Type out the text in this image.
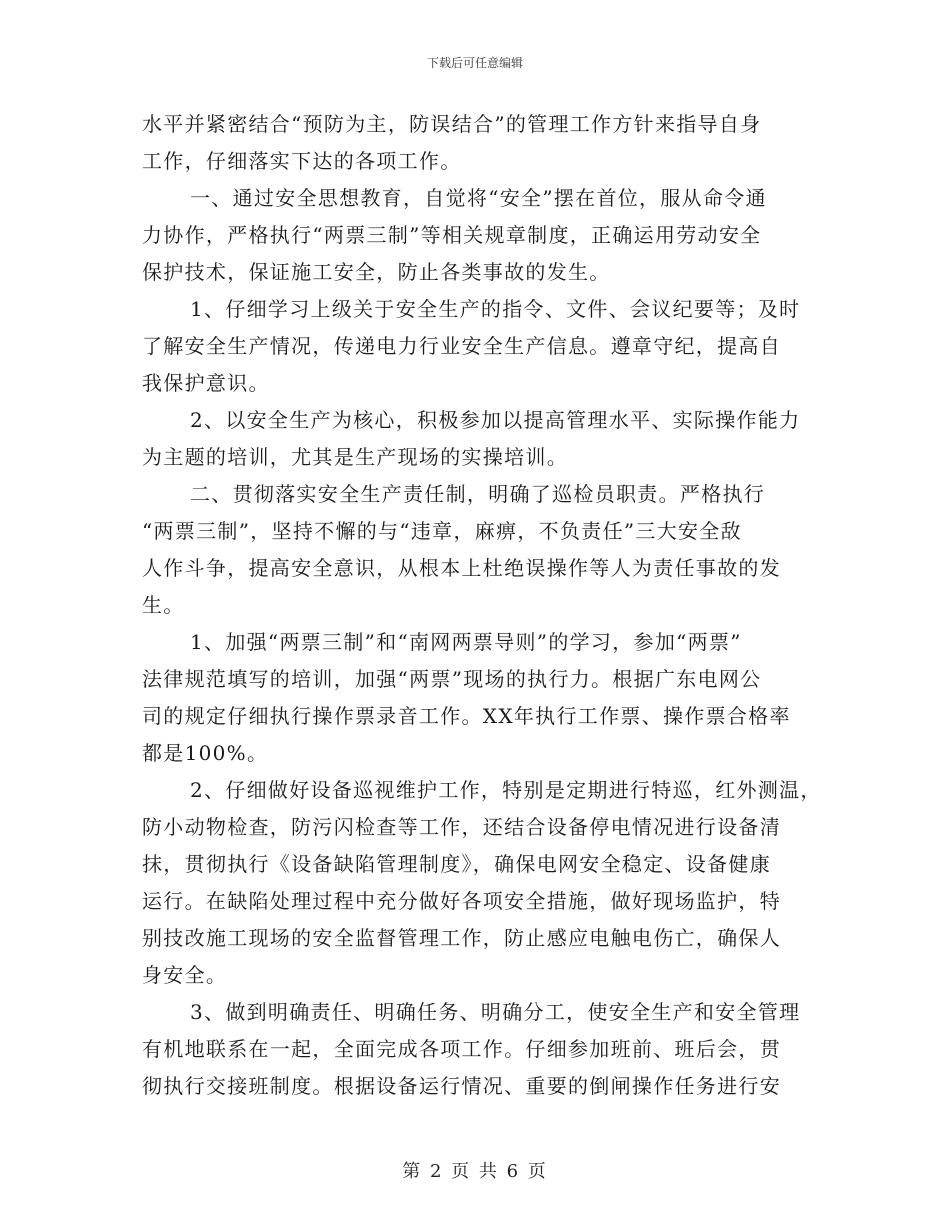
下载后可任意编辑
水平并紧密结合“预防为主，防误结合”的管理工作方针来指导自身
工作，仔细落实下达的各项工作。
一、通过安全思想教育，自觉将“安全”摆在首位，服从命令通
力协作，严格执行“两票三制”等相关规章制度，正确运用劳动安全
保护技术，保证施工安全，防止各类事故的发生。
1、仔细学习上级关于安全生产的指令、文件、会议纪要等；及时
了解安全生产情况，传递电力行业安全生产信息。遵章守纪，提高自
我保护意识。
2、以安全生产为核心，积极参加以提高管理水平、实际操作能力
为主题的培训，尤其是生产现场的实操培训。
二、贯彻落实安全生产责任制，明确了巡检员职责。严格执行
“两票三制”，坚持不懈的与“违章，麻痹，不负责任”三大安全敌
人作斗争，提高安全意识，从根本上杜绝误操作等人为责任事故的发
生。
1、加强“两票三制”和“南网两票导则”的学习，参加“两票”
法律规范填写的培训，加强“两票”现场的执行力。根据广东电网公
司的规定仔细执行操作票录音工作。XX年执行工作票、操作票合格率
都是100%。
2、仔细做好设备巡视维护工作，特别是定期进行特巡，红外测温，
防小动物检查，防污闪检查等工作，还结合设备停电情况进行设备清
抹，贯彻执行《设备缺陷管理制度》，确保电网安全稳定、设备健康
运行。在缺陷处理过程中充分做好各项安全措施，做好现场监护，特
别技改施工现场的安全监督管理工作，防止感应电触电伤亡，确保人
身安全。
3、做到明确责任、明确任务、明确分工，使安全生产和安全管理
有机地联系在一起，全面完成各项工作。仔细参加班前、班后会，贯
彻执行交接班制度。根据设备运行情况、重要的倒闸操作任务进行安
第 2 页 共 6 页
